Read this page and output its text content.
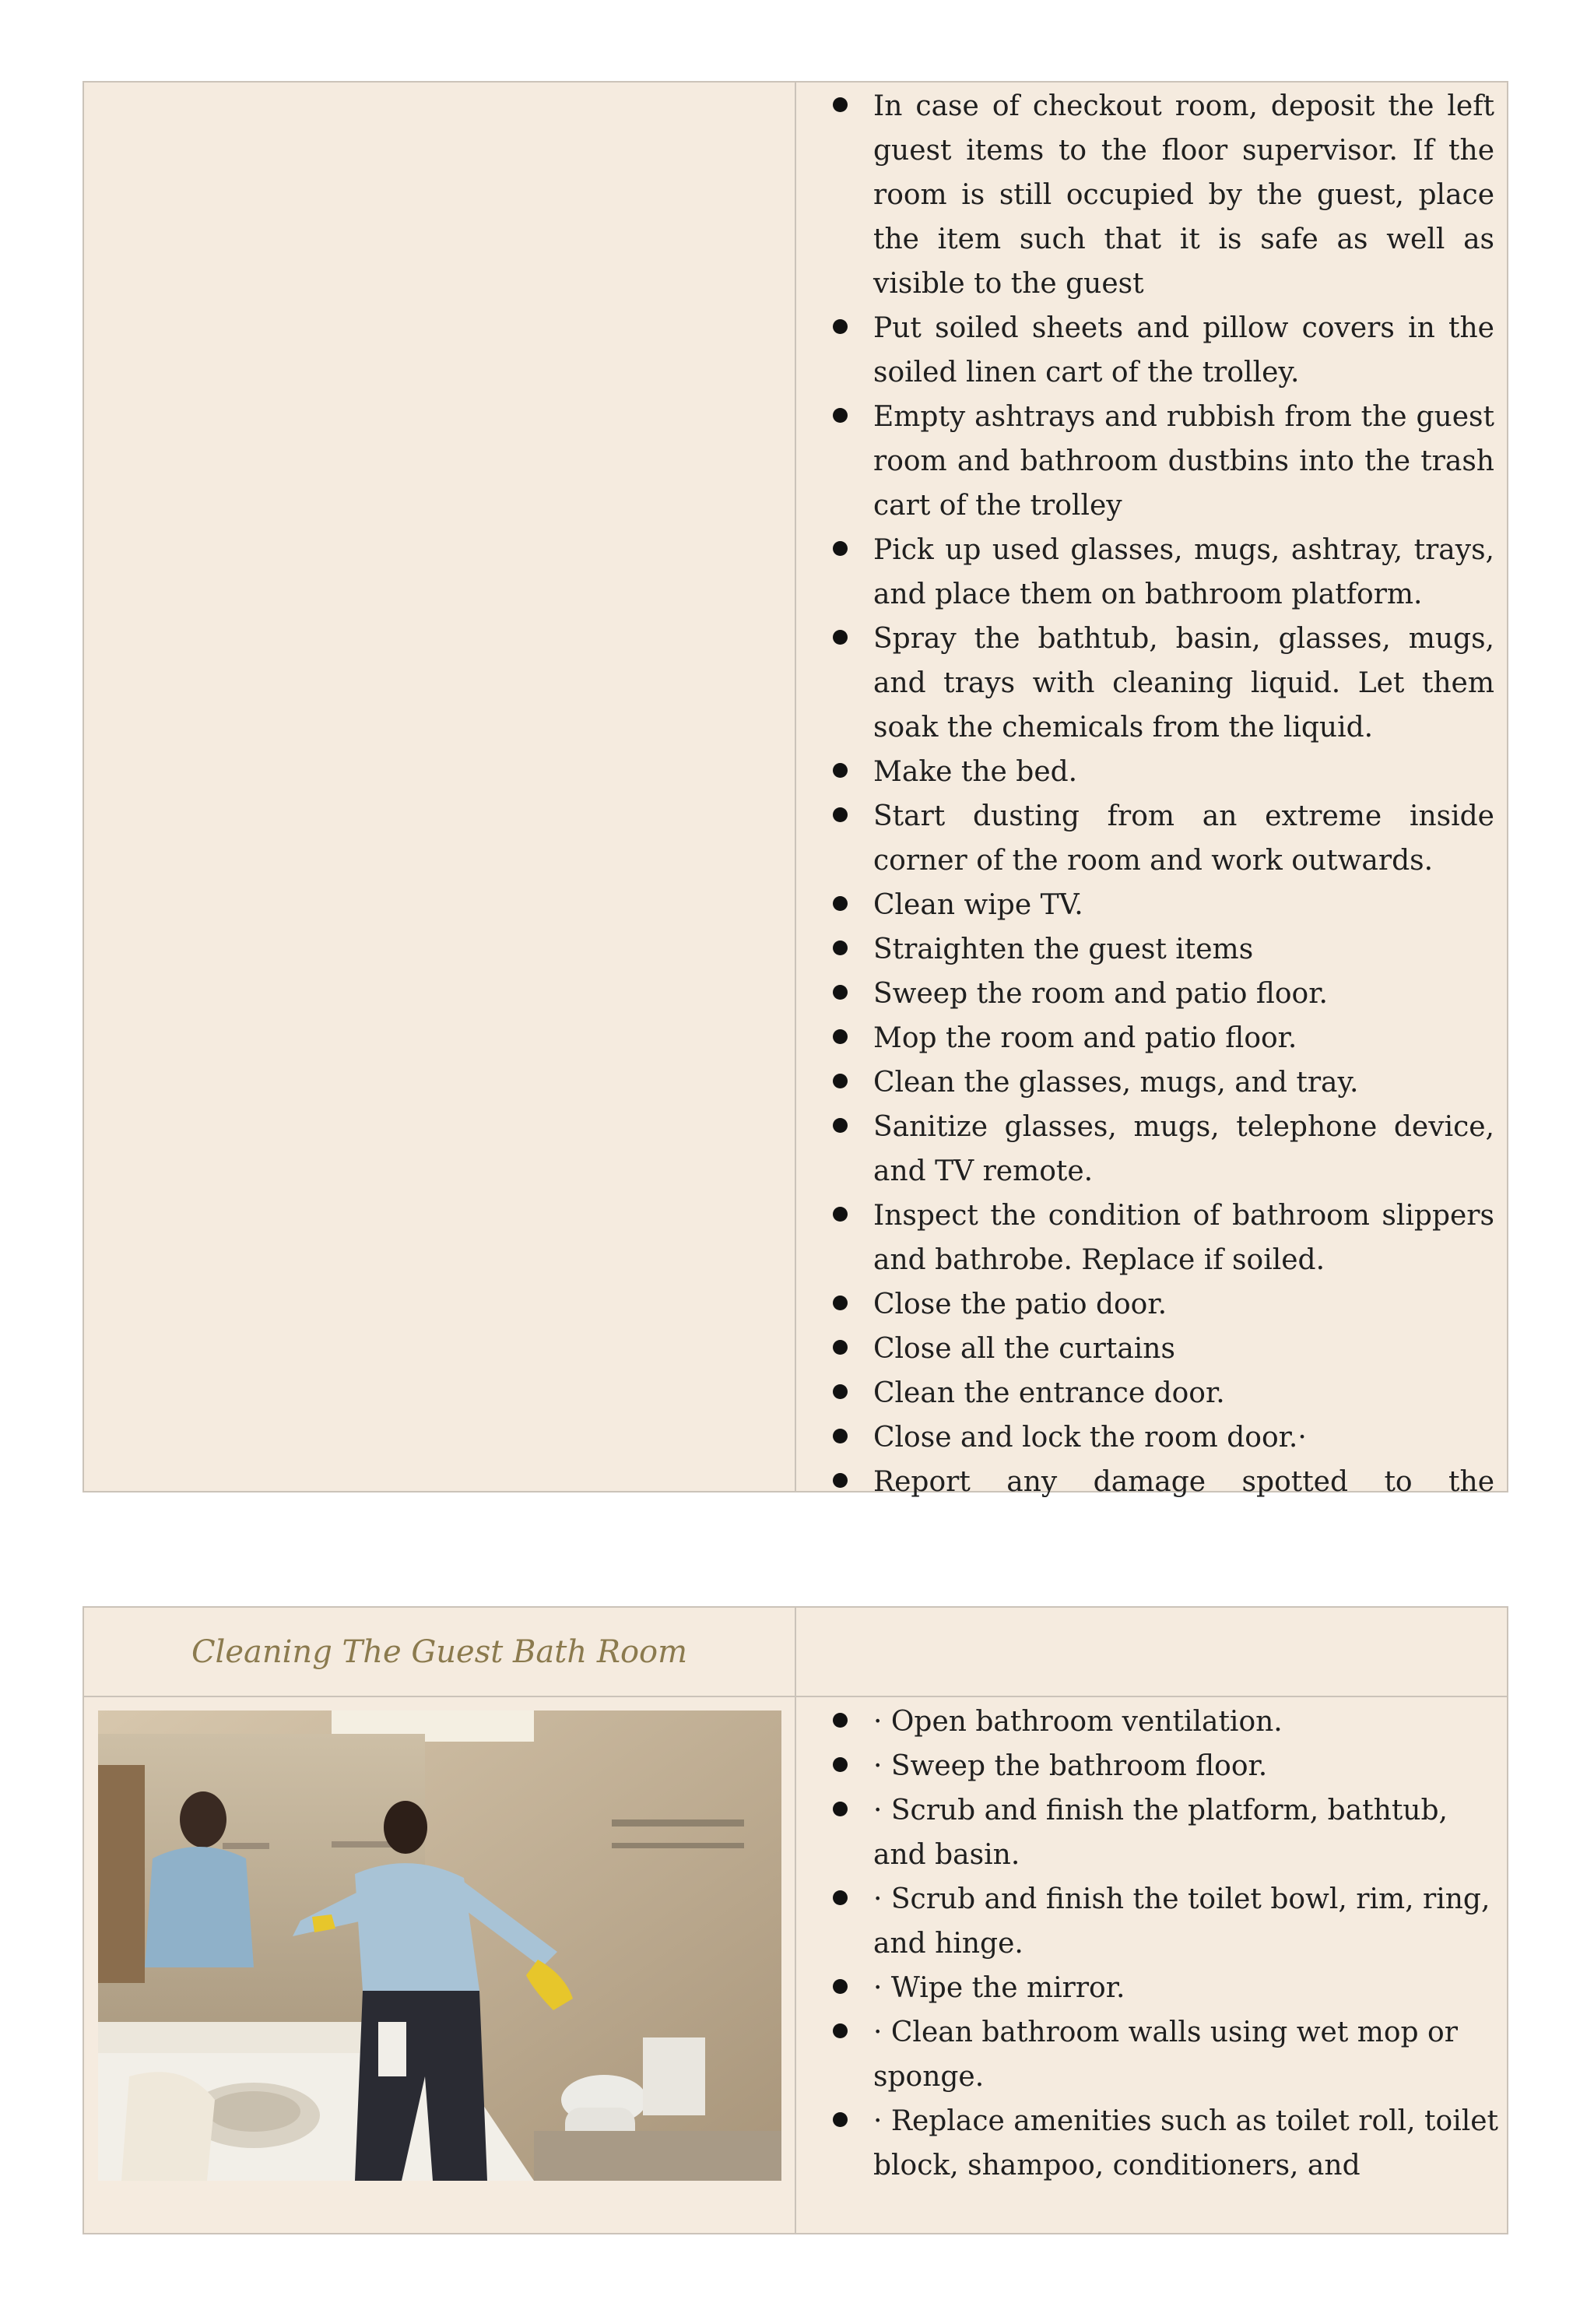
In case of checkout room, deposit the left guest items to the floor supervisor. If the room is still occupied by the guest, place the item such that it is safe as well as visible to the guest
Put soiled sheets and pillow covers in the soiled linen cart of the trolley.
Empty ashtrays and rubbish from the guest room and bathroom dustbins into the trash cart of the trolley
Pick up used glasses, mugs, ashtray, trays, and place them on bathroom platform.
Spray the bathtub, basin, glasses, mugs, and trays with cleaning liquid. Let them soak the chemicals from the liquid.
Make the bed.
Start dusting from an extreme inside corner of the room and work outwards.
Clean wipe TV.
Straighten the guest items
Sweep the room and patio floor.
Mop the room and patio floor.
Clean the glasses, mugs, and tray.
Sanitize glasses, mugs, telephone device, and TV remote.
Inspect the condition of bathroom slippers and bathrobe. Replace if soiled.
Close the patio door.
Close all the curtains
Clean the entrance door.
Close and lock the room door.·
Report any damage spotted to the
Cleaning The Guest Bath Room
· Open bathroom ventilation.
· Sweep the bathroom floor.
· Scrub and finish the platform, bathtub, and basin.
· Scrub and finish the toilet bowl, rim, ring, and hinge.
· Wipe the mirror.
· Clean bathroom walls using wet mop or sponge.
· Replace amenities such as toilet roll, toilet block, shampoo, conditioners, and
